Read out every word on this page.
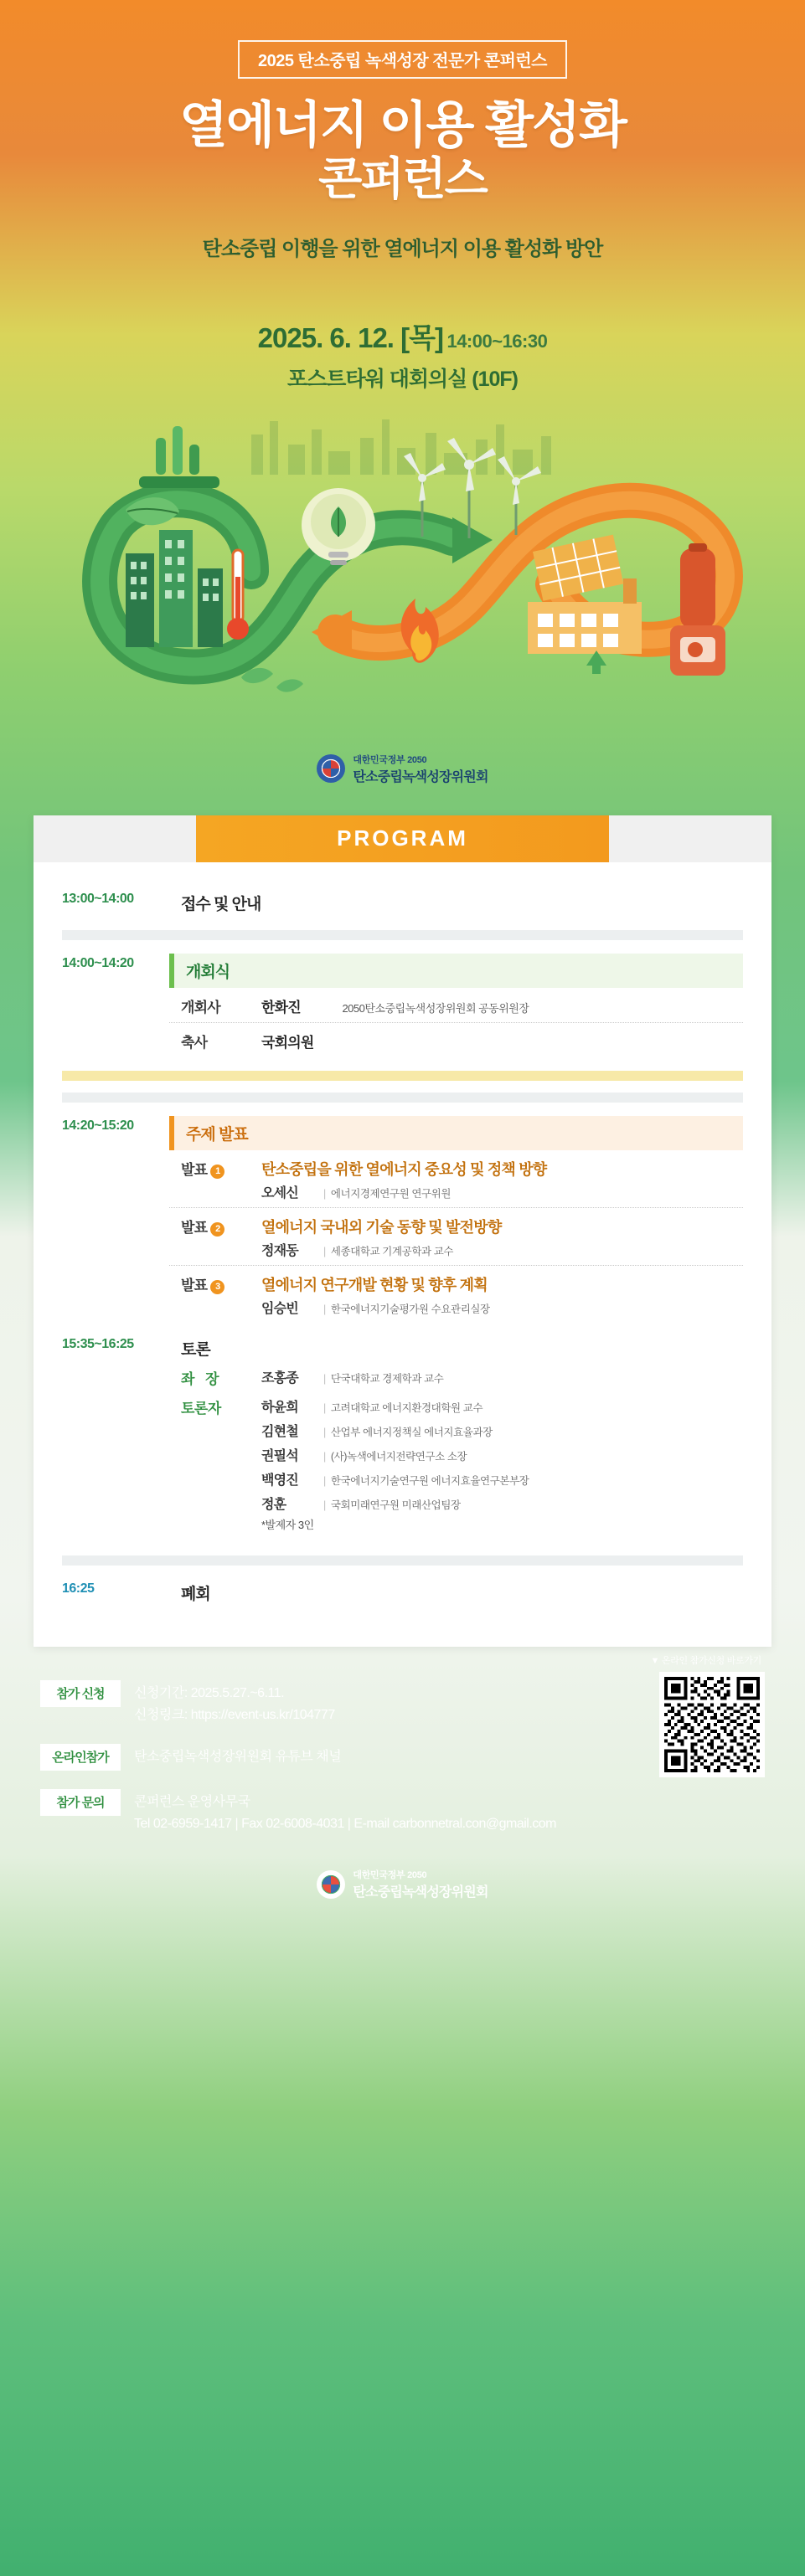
2025 탄소중립 녹색성장 전문가 콘퍼런스
열에너지 이용 활성화
콘퍼런스
탄소중립 이행을 위한 열에너지 이용 활성화 방안
2025. 6. 12. [목] 14:00~16:30
포스트타워 대회의실 (10F)
대한민국정부 2050
탄소중립녹색성장위원회
PROGRAM
13:00~14:00	접수 및 안내
14:00~14:20
개회식
개회사	한화진	2050탄소중립녹색성장위원회 공동위원장
축사	국회의원
14:20~15:20
주제 발표
발표 1	탄소중립을 위한 열에너지 중요성 및 정책 방향
오세신	| 에너지경제연구원 연구위원
발표 2	열에너지 국내외 기술 동향 및 발전방향
정재동	| 세종대학교 기계공학과 교수
발표 3	열에너지 연구개발 현황 및 향후 계획
임승빈	| 한국에너지기술평가원 수요관리실장
15:35~16:25	토론
좌 장	조홍종	| 단국대학교 경제학과 교수
토론자	하윤희	| 고려대학교 에너지환경대학원 교수
김현철	| 산업부 에너지정책실 에너지효율과장
권필석	| (사)녹색에너지전략연구소 소장
백영진	| 한국에너지기술연구원 에너지효율연구본부장
정훈	| 국회미래연구원 미래산업팀장
*발제자 3인
16:25	폐회
▼ 온라인 참가신청 바로가기
참가 신청	신청기간: 2025.5.27.~6.11.
신청링크: https://event-us.kr/104777
온라인참가	탄소중립녹색성장위원회 유튜브 채널
참가 문의	콘퍼런스 운영사무국
Tel 02-6959-1417 | Fax 02-6008-4031 | E-mail carbonnetral.con@gmail.com
대한민국정부 2050
탄소중립녹색성장위원회
